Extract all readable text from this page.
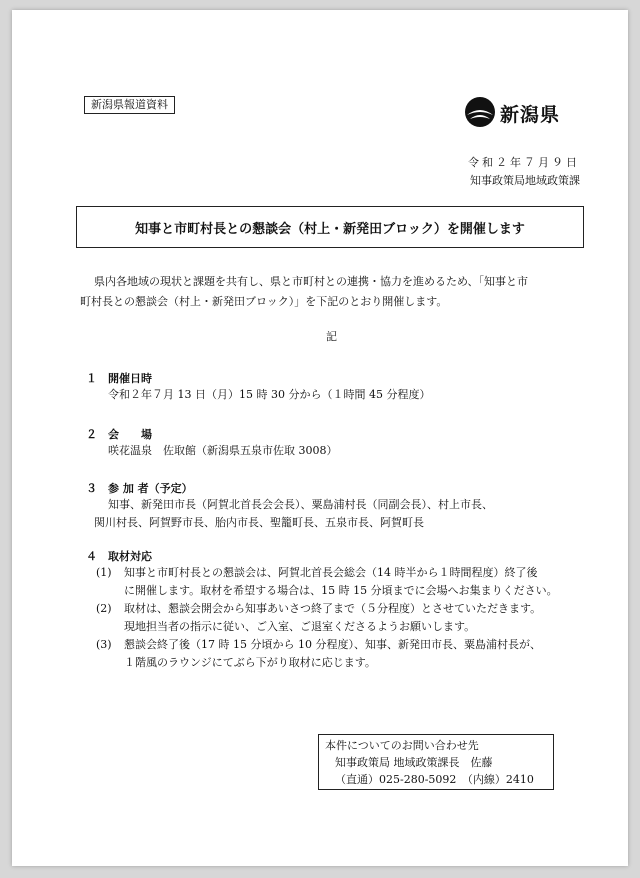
新潟県報道資料	新潟県
令和２年７月９日
知事政策局地域政策課
知事と市町村長との懇談会（村上・新発田ブロック）を開催します

県内各地域の現状と課題を共有し、県と市町村との連携・協力を進めるため、「知事と市

町村長との懇談会（村上・新発田ブロック）」を下記のとおり開催します。

記
１ 開催日時
令和２年７月 13 日（月）15 時 30 分から（１時間 45 分程度）
２ 会　　場
咲花温泉　佐取館（新潟県五泉市佐取 3008）
３ 参 加 者（予定）
知事、新発田市長（阿賀北首長会会長）、粟島浦村長（同副会長）、村上市長、
関川村長、阿賀野市長、胎内市長、聖籠町長、五泉市長、阿賀町長
４ 取材対応
(1) 知事と市町村長との懇談会は、阿賀北首長会総会（14 時半から１時間程度）終了後
に開催します。取材を希望する場合は、15 時 15 分頃までに会場へお集まりください。
(2) 取材は、懇談会開会から知事あいさつ終了まで（５分程度）とさせていただきます。
現地担当者の指示に従い、ご入室、ご退室くださるようお願いします。
(3) 懇談会終了後（17 時 15 分頃から 10 分程度）、知事、新発田市長、粟島浦村長が、
１階風のラウンジにてぶら下がり取材に応じます。
本件についてのお問い合わせ先
知事政策局 地域政策課長　佐藤
（直通）025-280-5092　（内線）2410
